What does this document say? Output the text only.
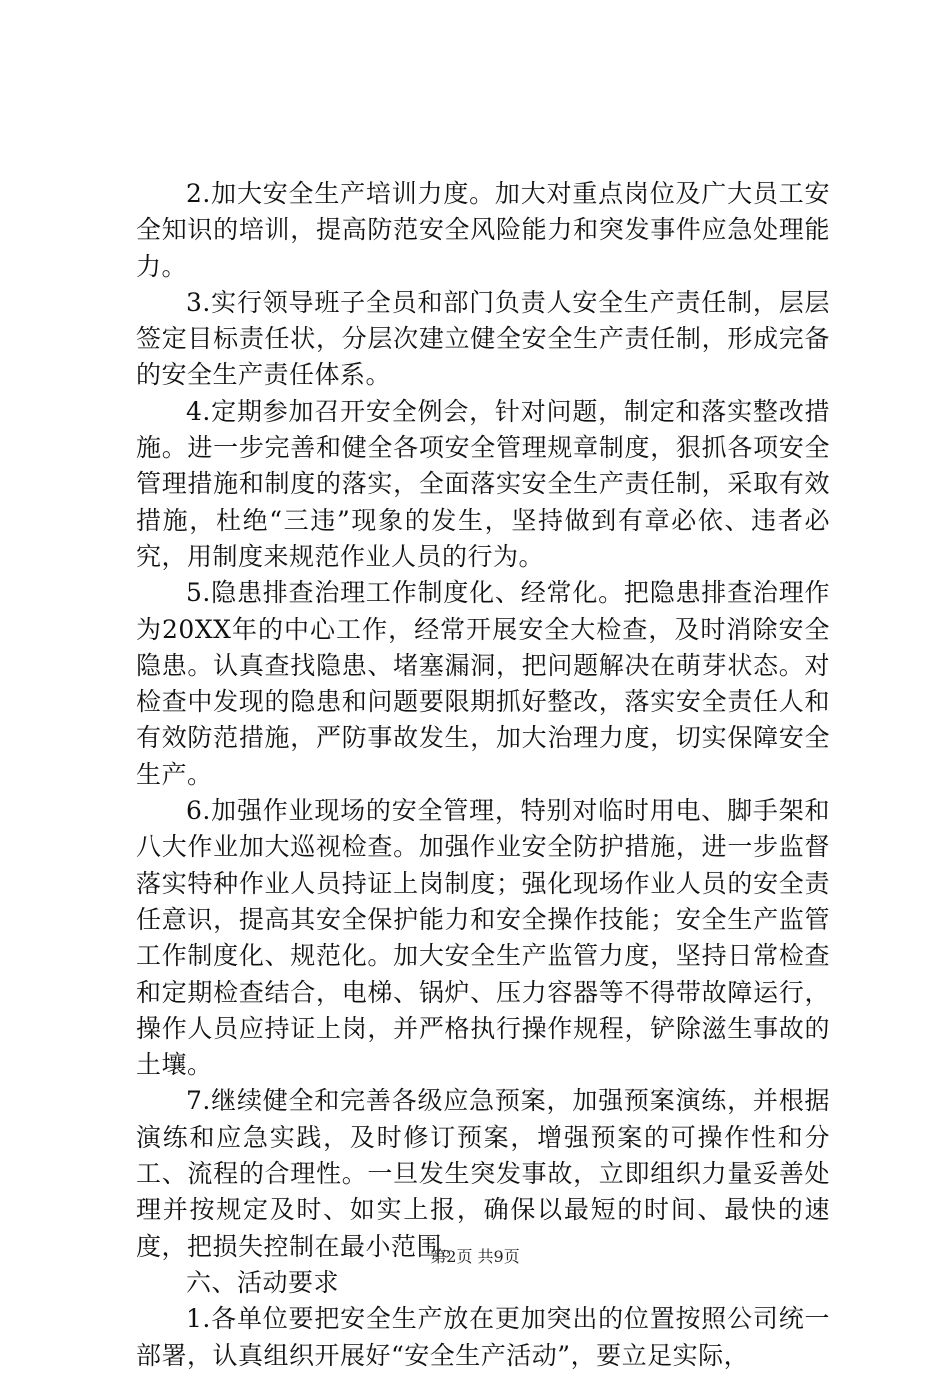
2.加大安全生产培训力度。加大对重点岗位及广大员工安全知识的培训，提高防范安全风险能力和突发事件应急处理能力。

3.实行领导班子全员和部门负责人安全生产责任制，层层签定目标责任状，分层次建立健全安全生产责任制，形成完备的安全生产责任体系。

4.定期参加召开安全例会，针对问题，制定和落实整改措施。进一步完善和健全各项安全管理规章制度，狠抓各项安全管理措施和制度的落实，全面落实安全生产责任制，采取有效措施，杜绝“三违”现象的发生，坚持做到有章必依、违者必究，用制度来规范作业人员的行为。

5.隐患排查治理工作制度化、经常化。把隐患排查治理作为20XX年的中心工作，经常开展安全大检查，及时消除安全隐患。认真查找隐患、堵塞漏洞，把问题解决在萌芽状态。对检查中发现的隐患和问题要限期抓好整改，落实安全责任人和有效防范措施，严防事故发生，加大治理力度，切实保障安全生产。

6.加强作业现场的安全管理，特别对临时用电、脚手架和八大作业加大巡视检查。加强作业安全防护措施，进一步监督落实特种作业人员持证上岗制度；强化现场作业人员的安全责任意识，提高其安全保护能力和安全操作技能；安全生产监管工作制度化、规范化。加大安全生产监管力度，坚持日常检查和定期检查结合，电梯、锅炉、压力容器等不得带故障运行，操作人员应持证上岗，并严格执行操作规程，铲除滋生事故的土壤。

7.继续健全和完善各级应急预案，加强预案演练，并根据演练和应急实践，及时修订预案，增强预案的可操作性和分工、流程的合理性。一旦发生突发事故，立即组织力量妥善处理并按规定及时、如实上报，确保以最短的时间、最快的速度，把损失控制在最小范围。

六、活动要求

1.各单位要把安全生产放在更加突出的位置按照公司统一部署，认真组织开展好“安全生产活动”，要立足实际，

第2页 共9页
